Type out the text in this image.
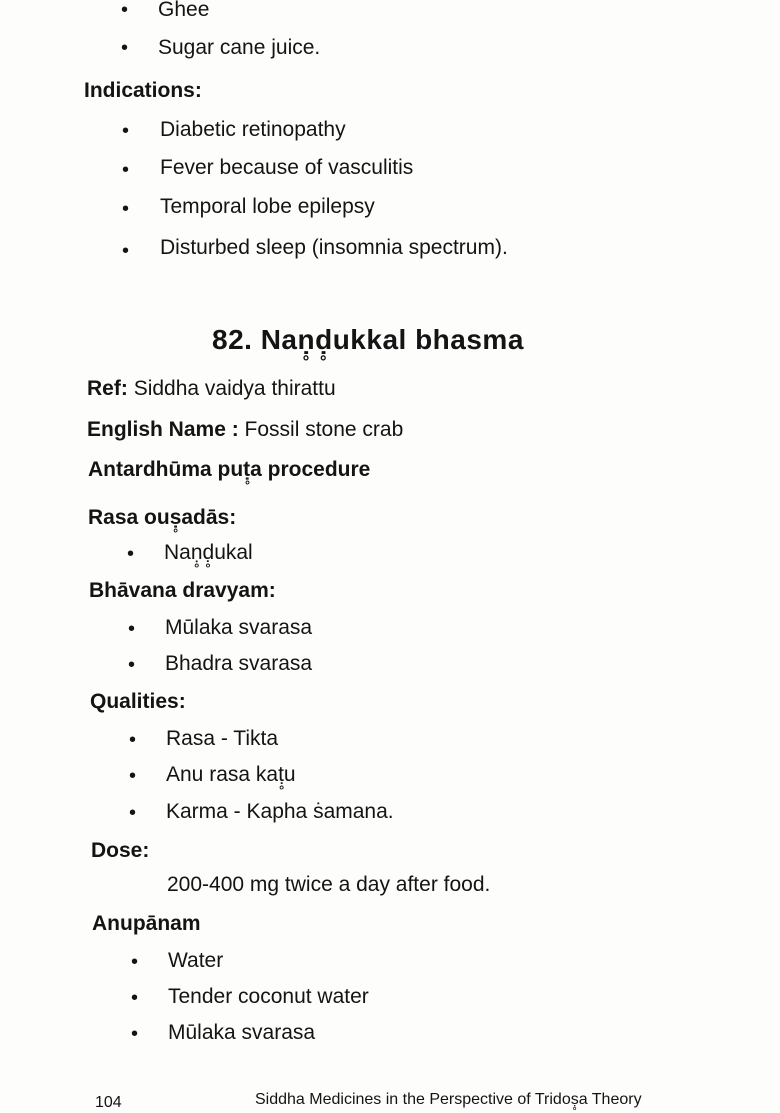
• Ghee
• Sugar cane juice.
Indications:
• Diabetic retinopathy
• Fever because of vasculitis
• Temporal lobe epilepsy
• Disturbed sleep (insomnia spectrum).
82. Naṇ̥ḍ̥ukkal bhasma
Ref: Siddha vaidya thirattu
English Name : Fossil stone crab
Antardhūma puṭ̥a procedure
Rasa ouṣ̥adās:
• Naṇ̥ḍ̥ukal
Bhāvana dravyam:
• Mūlaka svarasa
• Bhadra svarasa
Qualities:
• Rasa - Tikta
• Anu rasa kaṭ̥u
• Karma - Kapha ṡamana.
Dose:
200-400 mg twice a day after food.
Anupānam
• Water
• Tender coconut water
• Mūlaka svarasa
104	Siddha Medicines in the Perspective of Tridoṣ̥a Theory
